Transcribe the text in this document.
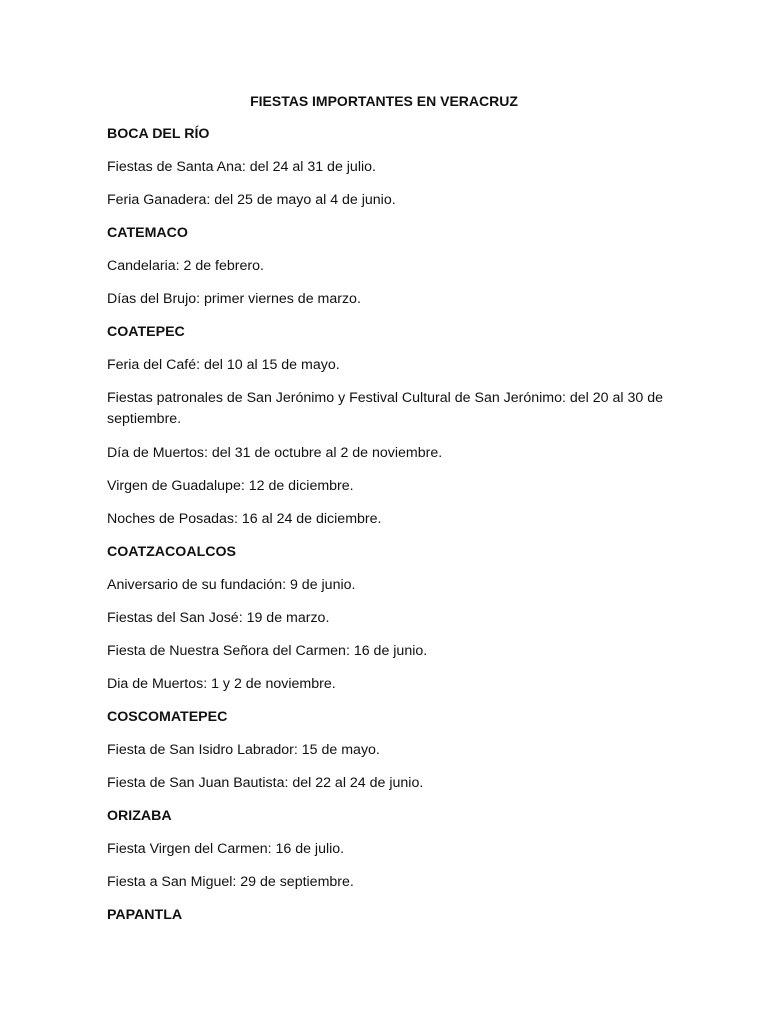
FIESTAS IMPORTANTES EN VERACRUZ
BOCA DEL RÍO
Fiestas de Santa Ana: del 24 al 31 de julio.
Feria Ganadera: del 25 de mayo al 4 de junio.
CATEMACO
Candelaria: 2 de febrero.
Días del Brujo: primer viernes de marzo.
COATEPEC
Feria del Café: del 10 al 15 de mayo.
Fiestas patronales de San Jerónimo y Festival Cultural de San Jerónimo: del 20 al 30 de septiembre.
Día de Muertos: del 31 de octubre al 2 de noviembre.
Virgen de Guadalupe: 12 de diciembre.
Noches de Posadas: 16 al 24 de diciembre.
COATZACOALCOS
Aniversario de su fundación: 9 de junio.
Fiestas del San José: 19 de marzo.
Fiesta de Nuestra Señora del Carmen: 16 de junio.
Dia de Muertos: 1 y 2 de noviembre.
COSCOMATEPEC
Fiesta de San Isidro Labrador: 15 de mayo.
Fiesta de San Juan Bautista: del 22 al 24 de junio.
ORIZABA
Fiesta Virgen del Carmen: 16 de julio.
Fiesta a San Miguel: 29 de septiembre.
PAPANTLA
